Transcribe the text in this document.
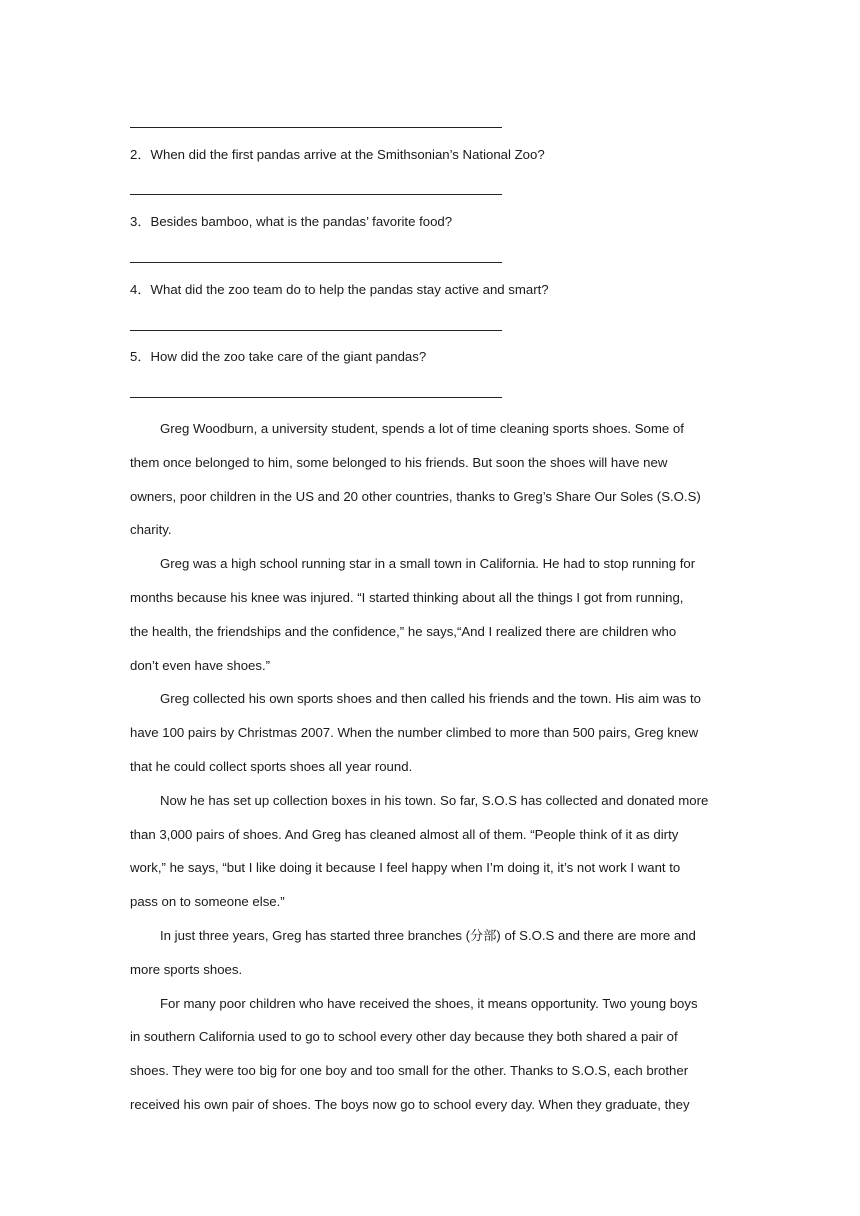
2．When did the first pandas arrive at the Smithsonian’s National Zoo?
3．Besides bamboo, what is the pandas’ favorite food?
4．What did the zoo team do to help the pandas stay active and smart?
5．How did the zoo take care of the giant pandas?
Greg Woodburn, a university student, spends a lot of time cleaning sports shoes. Some of
them once belonged to him, some belonged to his friends. But soon the shoes will have new
owners, poor children in the US and 20 other countries, thanks to Greg’s Share Our Soles (S.O.S)
charity.
Greg was a high school running star in a small town in California. He had to stop running for
months because his knee was injured. “I started thinking about all the things I got from running,
the health, the friendships and the confidence,” he says,“And I realized there are children who
don’t even have shoes.”
Greg collected his own sports shoes and then called his friends and the town. His aim was to
have 100 pairs by Christmas 2007. When the number climbed to more than 500 pairs, Greg knew
that he could collect sports shoes all year round.
Now he has set up collection boxes in his town. So far, S.O.S has collected and donated more
than 3,000 pairs of shoes. And Greg has cleaned almost all of them. “People think of it as dirty
work,” he says, “but I like doing it because I feel happy when I’m doing it, it’s not work I want to
pass on to someone else.”
In just three years, Greg has started three branches (分部) of S.O.S and there are more and
more sports shoes.
For many poor children who have received the shoes, it means opportunity. Two young boys
in southern California used to go to school every other day because they both shared a pair of
shoes. They were too big for one boy and too small for the other. Thanks to S.O.S, each brother
received his own pair of shoes. The boys now go to school every day. When they graduate, they
